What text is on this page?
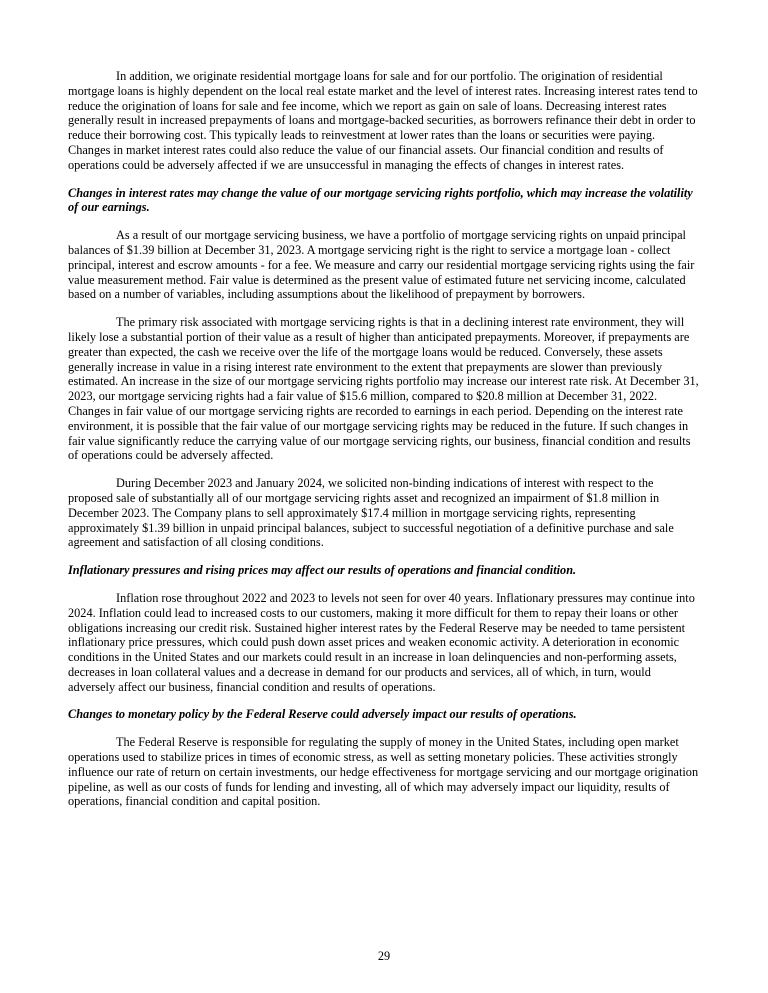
In addition, we originate residential mortgage loans for sale and for our portfolio. The origination of residential mortgage loans is highly dependent on the local real estate market and the level of interest rates. Increasing interest rates tend to reduce the origination of loans for sale and fee income, which we report as gain on sale of loans. Decreasing interest rates generally result in increased prepayments of loans and mortgage-backed securities, as borrowers refinance their debt in order to reduce their borrowing cost. This typically leads to reinvestment at lower rates than the loans or securities were paying. Changes in market interest rates could also reduce the value of our financial assets. Our financial condition and results of operations could be adversely affected if we are unsuccessful in managing the effects of changes in interest rates.

Changes in interest rates may change the value of our mortgage servicing rights portfolio, which may increase the volatility of our earnings.

As a result of our mortgage servicing business, we have a portfolio of mortgage servicing rights on unpaid principal balances of $1.39 billion at December 31, 2023. A mortgage servicing right is the right to service a mortgage loan - collect principal, interest and escrow amounts - for a fee. We measure and carry our residential mortgage servicing rights using the fair value measurement method. Fair value is determined as the present value of estimated future net servicing income, calculated based on a number of variables, including assumptions about the likelihood of prepayment by borrowers.

The primary risk associated with mortgage servicing rights is that in a declining interest rate environment, they will likely lose a substantial portion of their value as a result of higher than anticipated prepayments. Moreover, if prepayments are greater than expected, the cash we receive over the life of the mortgage loans would be reduced. Conversely, these assets generally increase in value in a rising interest rate environment to the extent that prepayments are slower than previously estimated. An increase in the size of our mortgage servicing rights portfolio may increase our interest rate risk. At December 31, 2023, our mortgage servicing rights had a fair value of $15.6 million, compared to $20.8 million at December 31, 2022. Changes in fair value of our mortgage servicing rights are recorded to earnings in each period. Depending on the interest rate environment, it is possible that the fair value of our mortgage servicing rights may be reduced in the future. If such changes in fair value significantly reduce the carrying value of our mortgage servicing rights, our business, financial condition and results of operations could be adversely affected.

During December 2023 and January 2024, we solicited non-binding indications of interest with respect to the proposed sale of substantially all of our mortgage servicing rights asset and recognized an impairment of $1.8 million in December 2023. The Company plans to sell approximately $17.4 million in mortgage servicing rights, representing approximately $1.39 billion in unpaid principal balances, subject to successful negotiation of a definitive purchase and sale agreement and satisfaction of all closing conditions.

Inflationary pressures and rising prices may affect our results of operations and financial condition.

Inflation rose throughout 2022 and 2023 to levels not seen for over 40 years. Inflationary pressures may continue into 2024. Inflation could lead to increased costs to our customers, making it more difficult for them to repay their loans or other obligations increasing our credit risk. Sustained higher interest rates by the Federal Reserve may be needed to tame persistent inflationary price pressures, which could push down asset prices and weaken economic activity. A deterioration in economic conditions in the United States and our markets could result in an increase in loan delinquencies and non-performing assets, decreases in loan collateral values and a decrease in demand for our products and services, all of which, in turn, would adversely affect our business, financial condition and results of operations.

Changes to monetary policy by the Federal Reserve could adversely impact our results of operations.

The Federal Reserve is responsible for regulating the supply of money in the United States, including open market operations used to stabilize prices in times of economic stress, as well as setting monetary policies. These activities strongly influence our rate of return on certain investments, our hedge effectiveness for mortgage servicing and our mortgage origination pipeline, as well as our costs of funds for lending and investing, all of which may adversely impact our liquidity, results of operations, financial condition and capital position.

29
